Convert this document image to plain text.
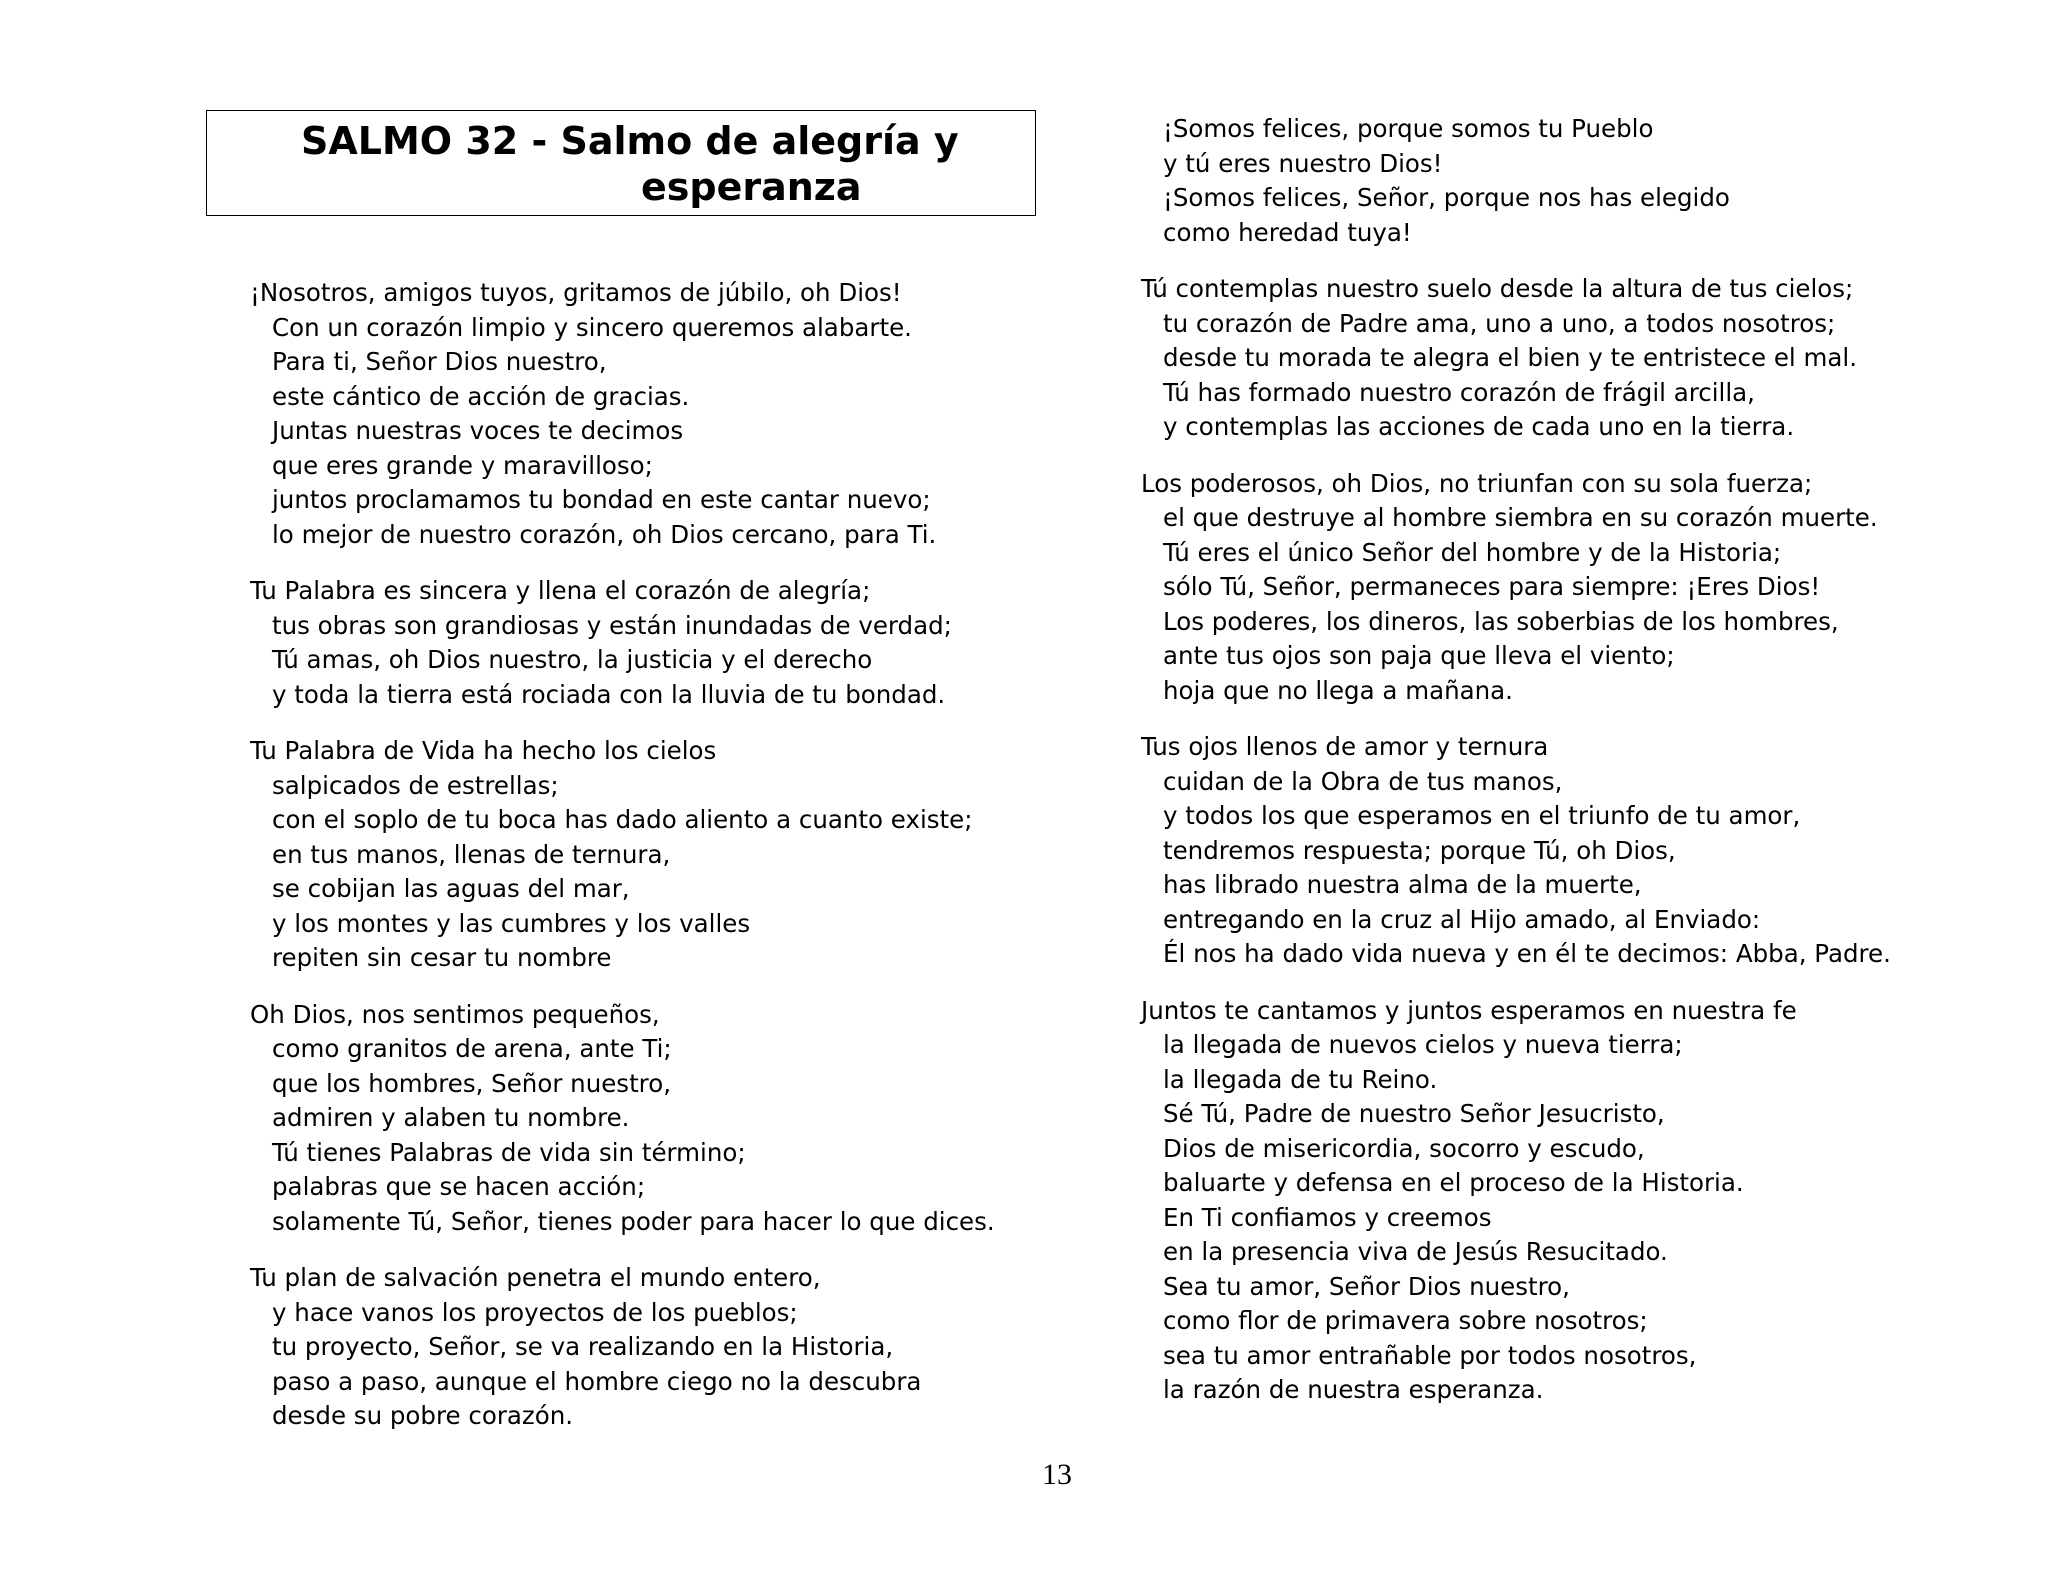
SALMO 32 - Salmo de alegría y
esperanza
¡Nosotros, amigos tuyos, gritamos de júbilo, oh Dios!
Con un corazón limpio y sincero queremos alabarte.
Para ti, Señor Dios nuestro,
este cántico de acción de gracias.
Juntas nuestras voces te decimos
que eres grande y maravilloso;
juntos proclamamos tu bondad en este cantar nuevo;
lo mejor de nuestro corazón, oh Dios cercano, para Ti.
Tu Palabra es sincera y llena el corazón de alegría;
tus obras son grandiosas y están inundadas de verdad;
Tú amas, oh Dios nuestro, la justicia y el derecho
y toda la tierra está rociada con la lluvia de tu bondad.
Tu Palabra de Vida ha hecho los cielos
salpicados de estrellas;
con el soplo de tu boca has dado aliento a cuanto existe;
en tus manos, llenas de ternura,
se cobijan las aguas del mar,
y los montes y las cumbres y los valles
repiten sin cesar tu nombre
Oh Dios, nos sentimos pequeños,
como granitos de arena, ante Ti;
que los hombres, Señor nuestro,
admiren y alaben tu nombre.
Tú tienes Palabras de vida sin término;
palabras que se hacen acción;
solamente Tú, Señor, tienes poder para hacer lo que dices.
Tu plan de salvación penetra el mundo entero,
y hace vanos los proyectos de los pueblos;
tu proyecto, Señor, se va realizando en la Historia,
paso a paso, aunque el hombre ciego no la descubra
desde su pobre corazón.
¡Somos felices, porque somos tu Pueblo
y tú eres nuestro Dios!
¡Somos felices, Señor, porque nos has elegido
como heredad tuya!
Tú contemplas nuestro suelo desde la altura de tus cielos;
tu corazón de Padre ama, uno a uno, a todos nosotros;
desde tu morada te alegra el bien y te entristece el mal.
Tú has formado nuestro corazón de frágil arcilla,
y contemplas las acciones de cada uno en la tierra.
Los poderosos, oh Dios, no triunfan con su sola fuerza;
el que destruye al hombre siembra en su corazón muerte.
Tú eres el único Señor del hombre y de la Historia;
sólo Tú, Señor, permaneces para siempre: ¡Eres Dios!
Los poderes, los dineros, las soberbias de los hombres,
ante tus ojos son paja que lleva el viento;
hoja que no llega a mañana.
Tus ojos llenos de amor y ternura
cuidan de la Obra de tus manos,
y todos los que esperamos en el triunfo de tu amor,
tendremos respuesta; porque Tú, oh Dios,
has librado nuestra alma de la muerte,
entregando en la cruz al Hijo amado, al Enviado:
Él nos ha dado vida nueva y en él te decimos: Abba, Padre.
Juntos te cantamos y juntos esperamos en nuestra fe
la llegada de nuevos cielos y nueva tierra;
la llegada de tu Reino.
Sé Tú, Padre de nuestro Señor Jesucristo,
Dios de misericordia, socorro y escudo,
baluarte y defensa en el proceso de la Historia.
En Ti confiamos y creemos
en la presencia viva de Jesús Resucitado.
Sea tu amor, Señor Dios nuestro,
como flor de primavera sobre nosotros;
sea tu amor entrañable por todos nosotros,
la razón de nuestra esperanza.
13
